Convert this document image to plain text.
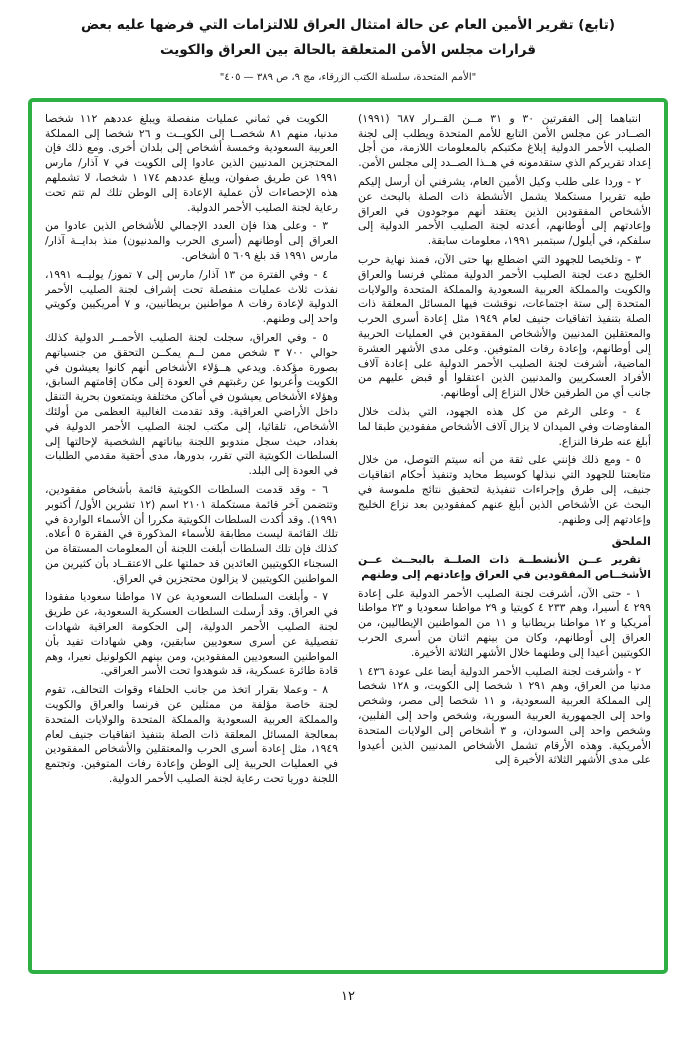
(تابع) تقرير الأمين العام عن حالة امتثال العراق للالتزامات التي فرضها عليه بعض
قرارات مجلس الأمن المتعلقة بالحالة بين العراق والكويت
"الأمم المتحدة، سلسلة الكتب الزرقاء، مج ٩، ص ٣٨٩ — ٤٠٥"

انتباهما إلى الفقرتين ٣٠ و ٣١ مــن القــرار ٦٨٧ (١٩٩١) الصــادر عن مجلس الأمن التابع للأمم المتحدة ويطلب إلى لجنة الصليب الأحمر الدولية إبلاغ مكتبكم بالمعلومات اللازمة، من أجل إعداد تقريركم الذي ستقدمونه في هــذا الصــدد إلى مجلس الأمن.

٢ - وردا على طلب وكيل الأمين العام، يشرفني أن أرسل إليكم طيه تقريرا مستكملا يشمل الأنشطة ذات الصلة بالبحث عن الأشخاص المفقودين الذين يعتقد أنهم موجودون في العراق وإعادتهم إلى أوطانهم، أعدته لجنة الصليب الأحمر الدولية إلى سلفكم، في أيلول/ سبتمبر ١٩٩١، معلومات سابقة.

٣ - وتلخيصا للجهود التي اضطلع بها حتى الآن، فمنذ نهاية حرب الخليج دعت لجنة الصليب الأحمر الدولية ممثلي فرنسا والعراق والكويت والمملكة العربية السعودية والمملكة المتحدة والولايات المتحدة إلى ستة اجتماعات، نوقشت فيها المسائل المعلقة ذات الصلة بتنفيذ اتفاقيات جنيف لعام ١٩٤٩ مثل إعادة أسرى الحرب والمعتقلين المدنيين والأشخاص المفقودين في العمليات الحربية إلى أوطانهم، وإعادة رفات المتوفين. وعلى مدى الأشهر العشرة الماضية، أشرفت لجنة الصليب الأحمر الدولية على إعادة آلاف الأفراد العسكريين والمدنيين الذين اعتقلوا أو قبض عليهم من جانب أي من الطرفين خلال النزاع إلى أوطانهم.

٤ - وعلى الرغم من كل هذه الجهود، التي بذلت خلال المفاوضات وفي الميدان لا يزال آلاف الأشخاص مفقودين طبقا لما أبلغ عنه طرفا النزاع.

٥ - ومع ذلك فإنني على ثقة من أنه سيتم التوصل، من خلال متابعتنا للجهود التي نبذلها كوسيط محايد وتنفيذ أحكام اتفاقيات جنيف، إلى طرق وإجراءات تنفيذية لتحقيق نتائج ملموسة في البحث عن الأشخاص الذين أبلغ عنهم كمفقودين بعد نزاع الخليج وإعادتهم إلى وطنهم.

الملحق

تقرير عــن الأنشطــة ذات الصلــة بالبحــث عــن الأشخــاص المفقودين في العراق وإعادتهم إلى وطنهم

١ - حتى الآن، أشرفت لجنة الصليب الأحمر الدولية على إعادة ٢٩٩ ٤ أسيرا، وهم ٢٣٣ ٤ كويتيا و ٢٩ مواطنا سعوديا و ٢٣ مواطنا أمريكيا و ١٢ مواطنا بريطانيا و ١١ من المواطنين الإيطاليين، من العراق إلى أوطانهم، وكان من بينهم اثنان من أسرى الحرب الكويتيين أعيدا إلى وطنهما خلال الأشهر الثلاثة الأخيرة.

٢ - وأشرفت لجنة الصليب الأحمر الدولية أيضا على عودة ٤٣٦ ١ مدنيا من العراق، وهم ٢٩١ ١ شخصا إلى الكويت، و ١٢٨ شخصا إلى المملكة العربية السعودية، و ١١ شخصا إلى مصر، وشخص واحد إلى الجمهورية العربية السورية، وشخص واحد إلى الفلبين، وشخص واحد إلى السودان، و ٣ أشخاص إلى الولايات المتحدة الأمريكية. وهذه الأرقام تشمل الأشخاص المدنيين الذين أعيدوا على مدى الأشهر الثلاثة الأخيرة إلى

الكويت في ثماني عمليات منفصلة ويبلغ عددهم ١١٢ شخصا مدنيا، منهم ٨١ شخصــا إلى الكويــت و ٢٦ شخصا إلى المملكة العربية السعودية وخمسة أشخاص إلى بلدان أخرى. ومع ذلك فإن المحتجزين المدنيين الذين عادوا إلى الكويت في ٧ آذار/ مارس ١٩٩١ عن طريق صفوان، ويبلغ عددهم ١٧٤ ١ شخصا، لا تشملهم هذه الإحصاءات لأن عملية الإعادة إلى الوطن تلك لم تتم تحت رعاية لجنة الصليب الأحمر الدولية.

٣ - وعلى هذا فإن العدد الإجمالي للأشخاص الذين عادوا من العراق إلى أوطانهم (أسرى الحرب والمدنيون) منذ بدايــة آذار/ مارس ١٩٩١ قد بلغ ٦٠٩ ٥ أشخاص.

٤ - وفي الفترة من ١٣ آذار/ مارس إلى ٧ تموز/ يوليــه ١٩٩١، نفذت ثلاث عمليات منفصلة تحت إشراف لجنة الصليب الأحمر الدولية لإعادة رفات ٨ مواطنين بريطانيين، و ٧ أمريكيين وكويتي واحد إلى وطنهم.

٥ - وفي العراق، سجلت لجنة الصليب الأحمــر الدولية كذلك حوالي ٧٠٠ ٣ شخص ممن لــم يمكــن التحقق من جنسياتهم بصورة مؤكدة. ويدعي هــؤلاء الأشخاص أنهم كانوا يعيشون في الكويت وأعربوا عن رغبتهم في العودة إلى مكان إقامتهم السابق، وهؤلاء الأشخاص يعيشون في أماكن مختلفة ويتمتعون بحرية التنقل داخل الأراضي العراقية. وقد تقدمت الغالبية العظمى من أولئك الأشخاص، تلقائيا، إلى مكتب لجنة الصليب الأحمر الدولية في بغداد، حيث سجل مندوبو اللجنة بياناتهم الشخصية لإحالتها إلى السلطات الكويتية التي تقرر، بدورها، مدى أحقية مقدمي الطلبات في العودة إلى البلد.

٦ - وقد قدمت السلطات الكويتية قائمة بأشخاص مفقودين، وتتضمن آخر قائمة مستكملة ٢١٠١ اسم (١٢ تشرين الأول/ أكتوبر ١٩٩١). وقد أكدت السلطات الكويتية مكررا أن الأسماء الواردة في تلك القائمة ليست مطابقة للأسماء المذكورة في الفقرة ٥ أعلاه. كذلك فإن تلك السلطات أبلغت اللجنة أن المعلومات المستقاة من السجناء الكويتيين العائدين قد حملتها على الاعتقــاد بأن كثيرين من المواطنين الكويتيين لا يزالون محتجزين في العراق.

٧ - وأبلغت السلطات السعودية عن ١٧ مواطنا سعوديا مفقودا في العراق. وقد أرسلت السلطات العسكرية السعودية، عن طريق لجنة الصليب الأحمر الدولية، إلى الحكومة العراقية شهادات تفصيلية عن أسرى سعوديين سابقين، وهي شهادات تفيد بأن المواطنين السعوديين المفقودين، ومن بينهم الكولونيل نعيرا، وهم قادة طائرة عسكرية، قد شوهدوا تحت الأسر العراقي.

٨ - وعملا بقرار اتخذ من جانب الحلفاء وقوات التحالف، تقوم لجنة خاصة مؤلفة من ممثلين عن فرنسا والعراق والكويت والمملكة العربية السعودية والمملكة المتحدة والولايات المتحدة بمعالجة المسائل المعلقة ذات الصلة بتنفيذ اتفاقيات جنيف لعام ١٩٤٩، مثل إعادة أسرى الحرب والمعتقلين والأشخاص المفقودين في العمليات الحربية إلى الوطن وإعادة رفات المتوفين. وتجتمع اللجنة دوريا تحت رعاية لجنة الصليب الأحمر الدولية.

١٢
